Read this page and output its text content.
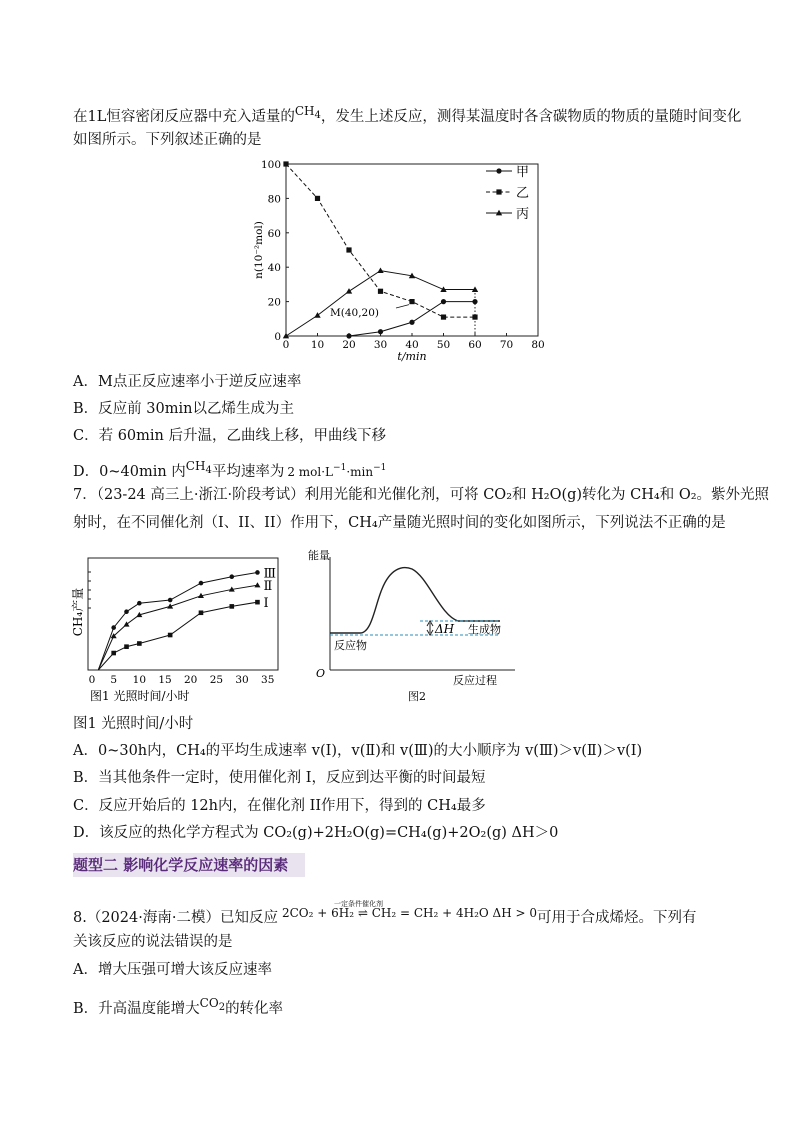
在1L恒容密闭反应器中充入适量的$^{CH_4}$，发生上述反应，测得某温度时各含碳物质的物质的量随时间变化
如图所示。下列叙述正确的是
0 10 20 30 40 50 60 70 80
0
20
40
60
80
100
t/min
n(10⁻²mol)
甲
乙
丙
M(40,20)
A．M点正反应速率小于逆反应速率
B．反应前 30min以乙烯生成为主
C．若 60min 后升温，乙曲线上移，甲曲线下移
D．0~40min 内$^{CH_4}$平均速率为 2 $mol\cdot L^{-1}\cdot\min^{-1}$
7．（23-24 高三上·浙江·阶段考试）利用光能和光催化剂，可将 CO₂和 H₂O(g)转化为 CH₄和 O₂。紫外光照
射时，在不同催化剂（I、II、II）作用下，CH₄产量随光照时间的变化如图所示，下列说法不正确的是
CH₄产量
0 5 10 15 20 25 30 35
Ⅲ
Ⅱ
Ⅰ
图1 光照时间/小时
能量
O
反应过程
ΔH
反应物
生成物
图2
图1 光照时间/小时
A．0~30h内，CH₄的平均生成速率 v(Ⅰ)，v(Ⅱ)和 v(Ⅲ)的大小顺序为 v(Ⅲ)＞v(Ⅱ)＞v(Ⅰ)
B．当其他条件一定时，使用催化剂 I，反应到达平衡的时间最短
C．反应开始后的 12h内，在催化剂 II作用下，得到的 CH₄最多
D．该反应的热化学方程式为 CO₂(g)+2H₂O(g)=CH₄(g)+2O₂(g) ΔH＞0
题型二 影响化学反应速率的因素
8.（2024·海南·二模）已知反应
一定条件催化剂
2CO₂ + 6H₂ ⇌ CH₂ = CH₂ + 4H₂O ΔH > 0可用于合成烯烃。下列有
关该反应的说法错误的是
A．增大压强可增大该反应速率
B．升高温度能增大$^{CO_2}$的转化率
